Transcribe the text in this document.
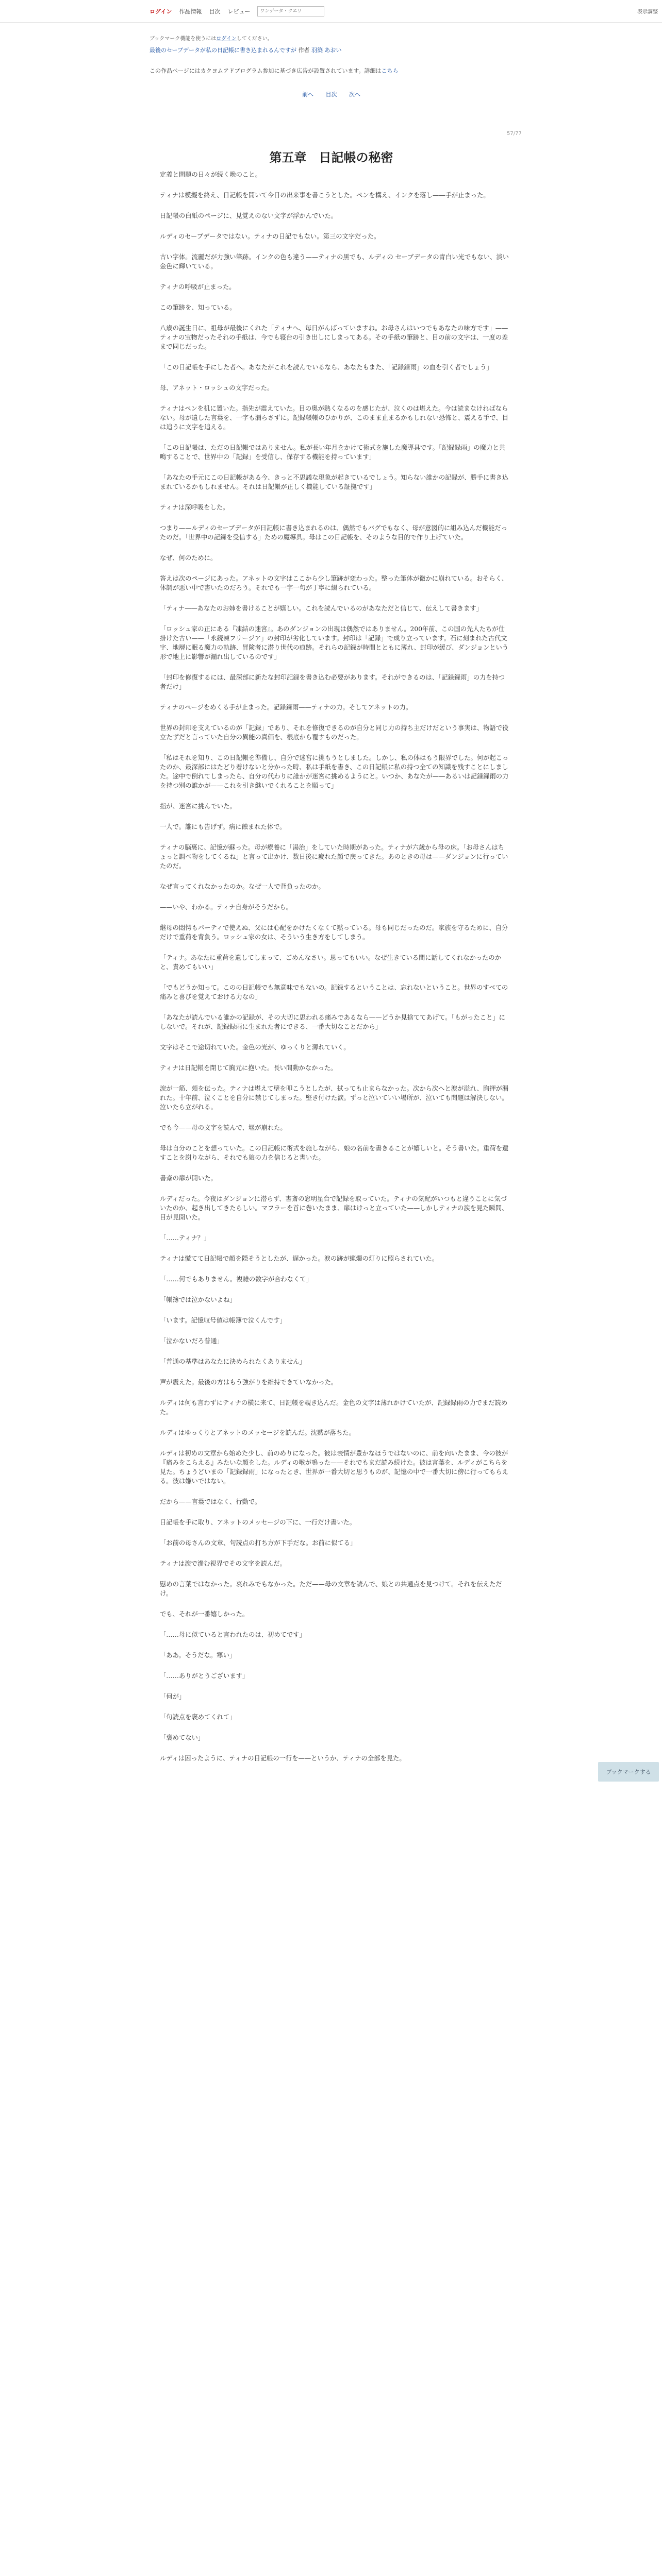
ログイン 作品情報 目次 レビュー
ワンデータ・クエリ	表示調整
ブックマーク機能を使うにはログインしてください。
最後のセーブデータが私の日記帳に書き込まれるんですが 作者 羽築 あおい
この作品ページにはカクヨムアドプログラム参加に基づき広告が設置されています。詳細はこちら
前へ 目次 次へ
57/77
第五章　日記帳の秘密

定義と問題の日々が続く晩のこと。

ティナは模擬を終え、日記帳を開いて今日の出来事を書こうとした。ペンを構え、インクを落し——手が止まった。

日記帳の白紙のページに、見覚えのない文字が浮かんでいた。

ルディのセーブデータではない。ティナの日記でもない。第三の文字だった。

古い字体。流麗だが力強い筆跡。インクの色も違う——ティナの黒でも、ルディの セーブデータの青白い光でもない、淡い金色に輝いている。

ティナの呼吸が止まった。

この筆跡を、知っている。

八歳の誕生日に、祖母が最後にくれた「ティナへ、毎日がんばっていますね。お母さんはいつでもあなたの味方です」——ティナの宝物だったそれの手紙は、今でも寝台の引き出しにしまってある。その手紙の筆跡と、目の前の文字は、一度の差まで同じだった。

「この日記帳を手にした者へ。あなたがこれを読んでいるなら、あなたもまた、「記録録雨」の血を引く者でしょう」

母、アネット・ロッシュの文字だった。

ティナはペンを机に置いた。指先が震えていた。目の奥が熱くなるのを感じたが、泣くのは堪えた。今は読まなければならない。母が遺した言葉を、一字も漏らさずに。記録帳帳のひかりが、このまま止まるかもしれない恐怖と、震える手で、目は追うに文字を追える。

「この日記帳は、ただの日記帳ではありません。私が長い年月をかけて術式を施した魔導具です。「記録録雨」の魔力と共鳴することで、世界中の「記録」を受信し、保存する機能を持っています」

「あなたの手元にこの日記帳がある今、きっと不思議な現象が起きているでしょう。知らない誰かの記録が、勝手に書き込まれているかもしれません。それは日記帳が正しく機能している証拠です」

ティナは深呼吸をした。

つまり——ルディのセーブデータが日記帳に書き込まれるのは、偶然でもバグでもなく、母が意図的に組み込んだ機能だったのだ。「世界中の記録を受信する」ための魔導具。母はこの日記帳を、そのような目的で作り上げていた。

なぜ、何のために。

答えは次のページにあった。アネットの文字はここから少し筆跡が変わった。整った筆体が微かに崩れている。おそらく、体調が悪い中で書いたのだろう。それでも一字一句が丁寧に綴られている。

「ティナ——あなたのお姉を書けることが嬉しい。これを読んでいるのがあなただと信じて、伝えして書きます」

「ロッシュ家の正にある『凍結の迷宮』。あのダンジョンの出現は偶然ではありません。200年前、この国の先人たちが仕掛けた古い——「永続凍フリージア」の封印が劣化しています。封印は「記録」で成り立っています。石に刻まれた古代文字、地層に眠る魔力の軌跡、冒険者に潜り世代の痕跡。それらの記録が時間とともに薄れ、封印が緩び、ダンジョンという形で地上に影響が漏れ出しているのです」

「封印を修復するには、最深部に新たな封印記録を書き込む必要があります。それができるのは、「記録録雨」の力を持つ者だけ」

ティナのページをめくる手が止まった。記録録雨——ティナの力。そしてアネットの力。

世界の封印を支えているのが「記録」であり、それを修復できるのが自分と同じ力の持ち主だけだという事実は、物語で役立たずだと言っていた自分の異能の真価を、根底から覆すものだった。

「私はそれを知り、この日記帳を準備し、自分で迷宮に挑もうとしました。しかし、私の体はもう限界でした。何が起こったのか、最深部にはたどり着けないと分かった時、私は手紙を書き、この日記帳に私の持つ全ての知識を残すことにしました。途中で倒れてしまったら、自分の代わりに誰かが迷宮に挑めるようにと。いつか、あなたが——あるいは記録録雨の力を持つ別の誰かが——これを引き継いでくれることを願って」

指が、迷宮に挑んでいた。

一人で。誰にも告げず。病に蝕まれた体で。

ティナの脳裏に、記憶が蘇った。母が療養に「湯治」をしていた時期があった。ティナが六歳から母の床。「お母さんはちょっと調べ物をしてくるね」と言って出かけ、数日後に疲れた顔で戻ってきた。あのときの母は——ダンジョンに行っていたのだ。

なぜ言ってくれなかったのか。なぜ一人で背負ったのか。

——いや、わかる。ティナ自身がそうだから。

継母の悶愕もパーティで使えぬ、父には心配をかけたくなくて黙っている。母も同じだったのだ。家族を守るために、自分だけで重荷を背負う。ロッシュ家の女は、そういう生き方をしてしまう。

「ティナ。あなたに重荷を遺してしまって、ごめんなさい。思ってもいい。なぜ生きている間に話してくれなかったのかと、責めてもいい」

「でもどうか知って。このの日記帳でも無意味でもないの。記録するということは、忘れないということ。世界のすべての痛みと喜びを覚えておける力なの」

「あなたが読んでいる誰かの記録が、その大切に思われる痛みであるなら——どうか見捨ててあげて。「もがったこと」にしないで。それが、記録録雨に生まれた者にできる、一番大切なことだから」

文字はそこで途切れていた。金色の光が、ゆっくりと薄れていく。

ティナは日記帳を閉じて胸元に抱いた。長い間動かなかった。

涙が一筋、頬を伝った。ティナは堪えて壁を叩こうとしたが、拭っても止まらなかった。次から次へと涙が溢れ、胸押が漏れた。十年前、泣くことを自分に禁じてしまった。堅き付けた涙。ずっと泣いていい場所が、泣いても問題は解決しない。泣いたら立がれる。

でも今——母の文字を読んで、堰が崩れた。

母は自分のことを想っていた。この日記帳に術式を施しながら、娘の名前を書きることが嬉しいと。そう書いた。重荷を遺すことを謝りながら、それでも娘の力を信じると書いた。

書斎の扉が開いた。

ルディだった。今夜はダンジョンに潜らず、書斎の窓明星台で記録を取っていた。ティナの気配がいつもと違うことに気づいたのか、起き出してきたらしい。マフラーを首に巻いたまま、扉はけっと立っていた——しかしティナの涙を見た瞬間、目が見開いた。

「……ティナ？」

ティナは慌てて日記帳で顔を隠そうとしたが、遅かった。涙の跡が蝋燭の灯りに照らされていた。

「……何でもありません。複雑の数字が合わなくて」

「帳簿では泣かないよね」

「います。記憶収号値は帳簿で泣くんです」

「泣かないだろ普通」

「普通の基準はあなたに決められたくありません」

声が震えた。最後の方はもう強がりを維持できていなかった。

ルディは何も言わずにティナの横に来て、日記帳を覗き込んだ。金色の文字は薄れかけていたが、記録録雨の力でまだ読めた。

ルディはゆっくりとアネットのメッセージを読んだ。沈黙が落ちた。

ルディは初めの文章から始めた少し、前のめりになった。彼は表情が豊かなほうではないのに、前を向いたまま、今の彼が『痛みをこらえる』みたいな顔をした。ルディの喉が鳴った——それでもまだ読み続けた。彼は言葉を、ルディがこちらを見た。ちょうどいまの「記録録雨」になったとき、世界が一番大切と思うものが、記憶の中で一番大切に傍に行ってもらえる。彼は嫌いではない。

だから——言葉ではなく、行動で。

日記帳を手に取り、アネットのメッセージの下に、一行だけ書いた。

「お前の母さんの文章、句読点の打ち方が下手だな。お前に似てる」

ティナは涙で滲む視界でその文字を読んだ。

慰めの言葉ではなかった。哀れみでもなかった。ただ——母の文章を読んで、娘との共通点を見つけて。それを伝えただけ。

でも、それが一番嬉しかった。

「……母に似ていると言われたのは、初めてです」

「ああ。そうだな。寒い」

「……ありがとうございます」

「何が」

「句読点を褒めてくれて」

「褒めてない」

ルディは困ったように、ティナの日記帳の一行を——というか、ティナの全部を見た。

ブックマークする
